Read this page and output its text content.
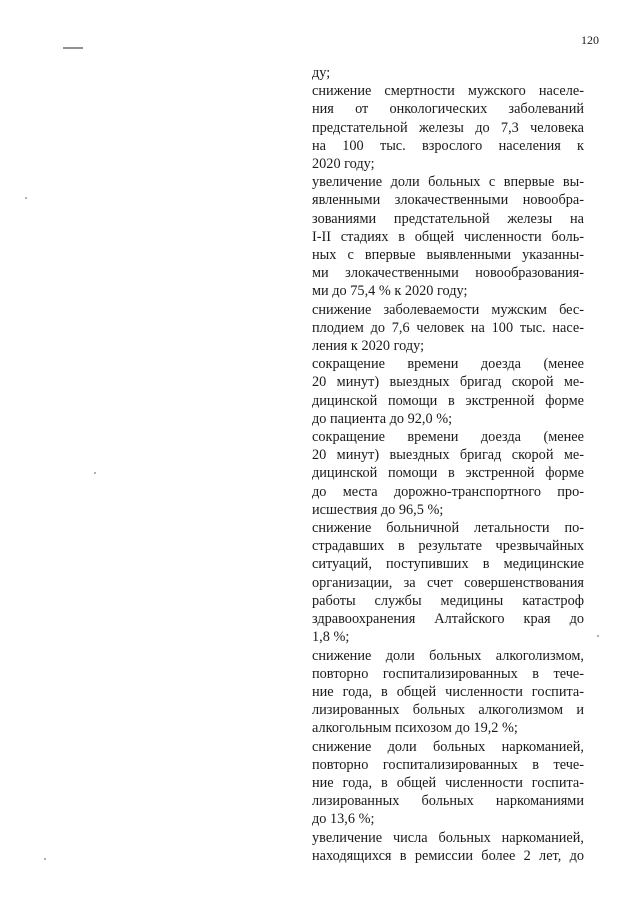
120
ду;
снижение смертности мужского населе-
ния от онкологических заболеваний
предстательной железы до 7,3 человека
на 100 тыс. взрослого населения к
2020 году;
увеличение доли больных с впервые вы-
явленными злокачественными новообра-
зованиями предстательной железы на
I-II стадиях в общей численности боль-
ных с впервые выявленными указанны-
ми злокачественными новообразования-
ми до 75,4 % к 2020 году;
снижение заболеваемости мужским бес-
плодием до 7,6 человек на 100 тыс. насе-
ления к 2020 году;
сокращение времени доезда (менее
20 минут) выездных бригад скорой ме-
дицинской помощи в экстренной форме
до пациента до 92,0 %;
сокращение времени доезда (менее
20 минут) выездных бригад скорой ме-
дицинской помощи в экстренной форме
до места дорожно-транспортного про-
исшествия до 96,5 %;
снижение больничной летальности по-
страдавших в результате чрезвычайных
ситуаций, поступивших в медицинские
организации, за счет совершенствования
работы службы медицины катастроф
здравоохранения Алтайского края до
1,8 %;
снижение доли больных алкоголизмом,
повторно госпитализированных в тече-
ние года, в общей численности госпита-
лизированных больных алкоголизмом и
алкогольным психозом до 19,2 %;
снижение доли больных наркоманией,
повторно госпитализированных в тече-
ние года, в общей численности госпита-
лизированных больных наркоманиями
до 13,6 %;
увеличение числа больных наркоманией,
находящихся в ремиссии более 2 лет, до
